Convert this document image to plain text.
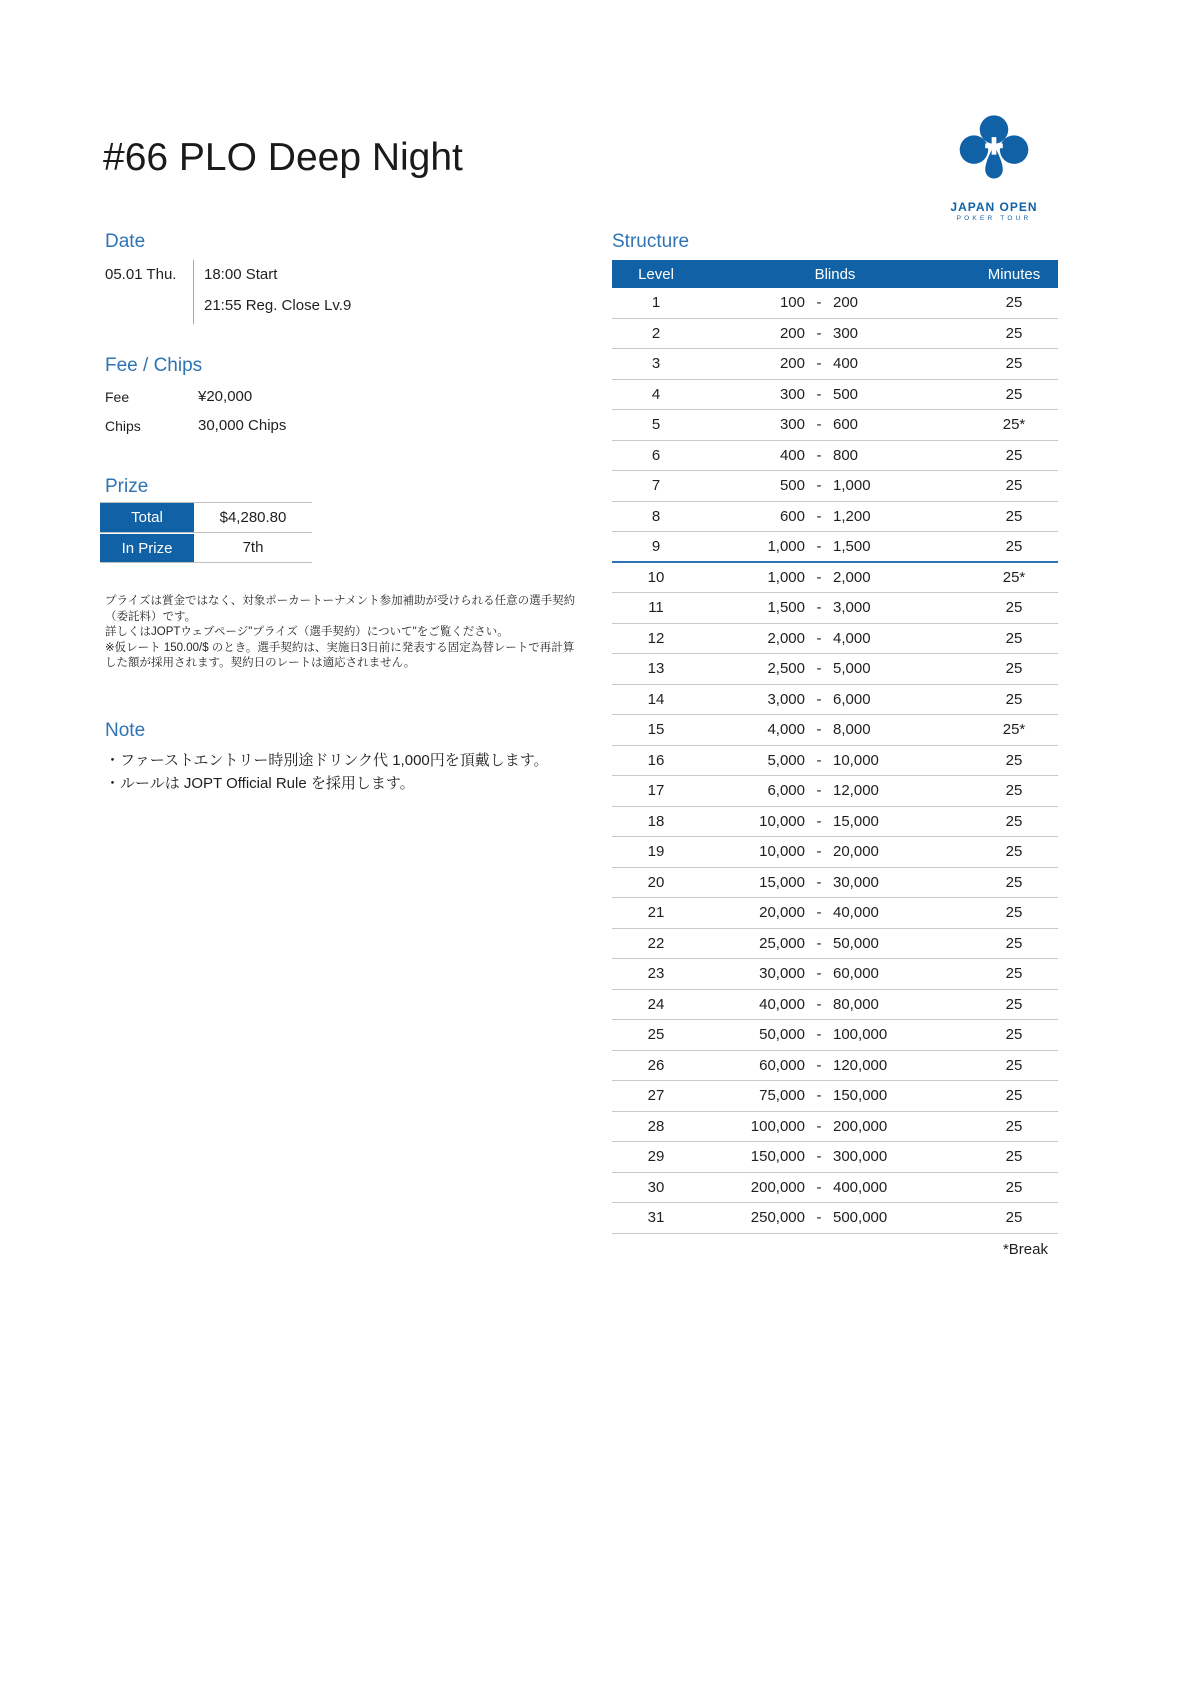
#66 PLO Deep Night
JAPAN OPEN
POKER TOUR
Date
05.01 Thu. 18:00 Start
21:55 Reg. Close Lv.9
Fee / Chips
Fee	¥20,000
Chips	30,000 Chips
Prize
Total	$4,280.80
In Prize	7th
プライズは賞金ではなく、対象ポーカートーナメント参加補助が受けられる任意の選手契約
（委託料）です。
詳しくはJOPTウェブページ"プライズ（選手契約）について"をご覧ください。
※仮レート 150.00/$ のとき。選手契約は、実施日3日前に発表する固定為替レートで再計算
した額が採用されます。契約日のレートは適応されません。
Note
・ファーストエントリー時別途ドリンク代 1,000円を頂戴します。
・ルールは JOPT Official Rule を採用します。
Structure
Level	Blinds	Minutes
1	100 - 200	25
2	200 - 300	25
3	200 - 400	25
4	300 - 500	25
5	300 - 600	25*
6	400 - 800	25
7	500 - 1,000	25
8	600 - 1,200	25
9	1,000 - 1,500	25
10	1,000 - 2,000	25*
11	1,500 - 3,000	25
12	2,000 - 4,000	25
13	2,500 - 5,000	25
14	3,000 - 6,000	25
15	4,000 - 8,000	25*
16	5,000 - 10,000	25
17	6,000 - 12,000	25
18	10,000 - 15,000	25
19	10,000 - 20,000	25
20	15,000 - 30,000	25
21	20,000 - 40,000	25
22	25,000 - 50,000	25
23	30,000 - 60,000	25
24	40,000 - 80,000	25
25	50,000 - 100,000	25
26	60,000 - 120,000	25
27	75,000 - 150,000	25
28	100,000 - 200,000	25
29	150,000 - 300,000	25
30	200,000 - 400,000	25
31	250,000 - 500,000	25
*Break
